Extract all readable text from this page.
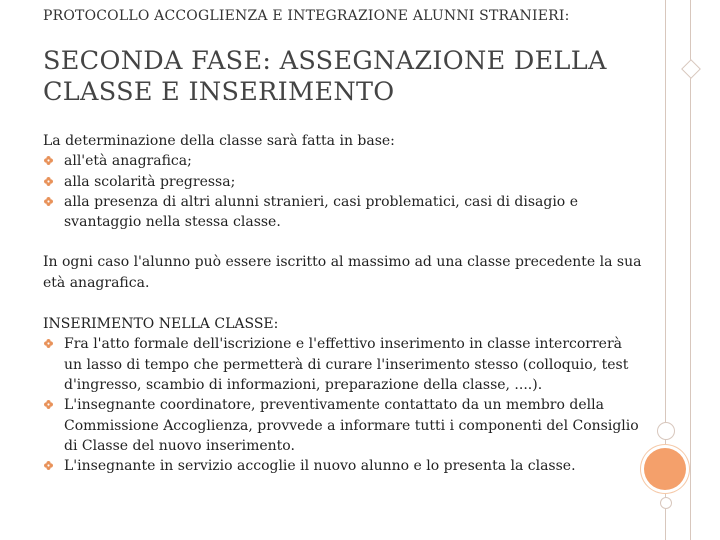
PROTOCOLLO ACCOGLIENZA E INTEGRAZIONE ALUNNI STRANIERI:
SECONDA FASE: ASSEGNAZIONE DELLA CLASSE E INSERIMENTO

La determinazione della classe sarà fatta in base:

all'età anagrafica;
alla scolarità pregressa;
alla presenza di altri alunni stranieri, casi problematici, casi di disagio e svantaggio nella stessa classe.

In ogni caso l'alunno può essere iscritto al massimo ad una classe precedente la sua età anagrafica.

INSERIMENTO NELLA CLASSE:

Fra l'atto formale dell'iscrizione e l'effettivo inserimento in classe intercorrerà un lasso di tempo che permetterà di curare l'inserimento stesso (colloquio, test d'ingresso, scambio di informazioni, preparazione della classe, ....).
L'insegnante coordinatore, preventivamente contattato da un membro della Commissione Accoglienza, provvede a informare tutti i componenti del Consiglio di Classe del nuovo inserimento.
L'insegnante in servizio accoglie il nuovo alunno e lo presenta la classe.
